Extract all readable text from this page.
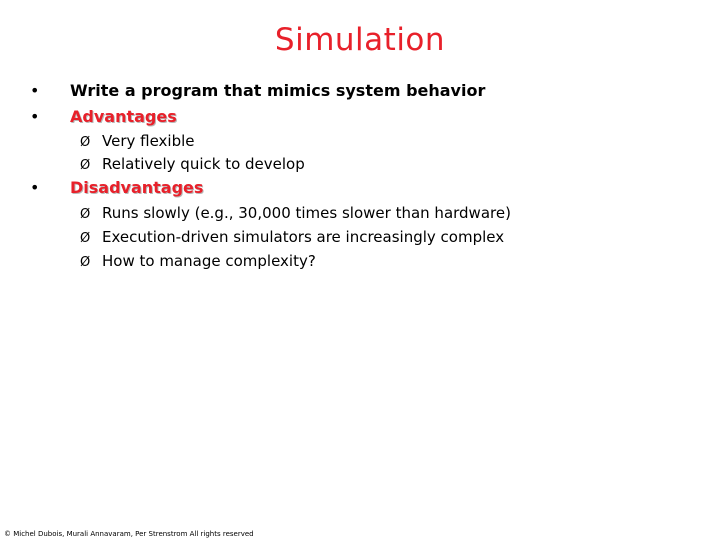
Simulation
• Write a program that mimics system behavior
• Advantages
Ø Very flexible
Ø Relatively quick to develop
• Disadvantages
Ø Runs slowly (e.g., 30,000 times slower than hardware)
Ø Execution-driven simulators are increasingly complex
Ø How to manage complexity?
© Michel Dubois, Murali Annavaram, Per Strenstrom All rights reserved
